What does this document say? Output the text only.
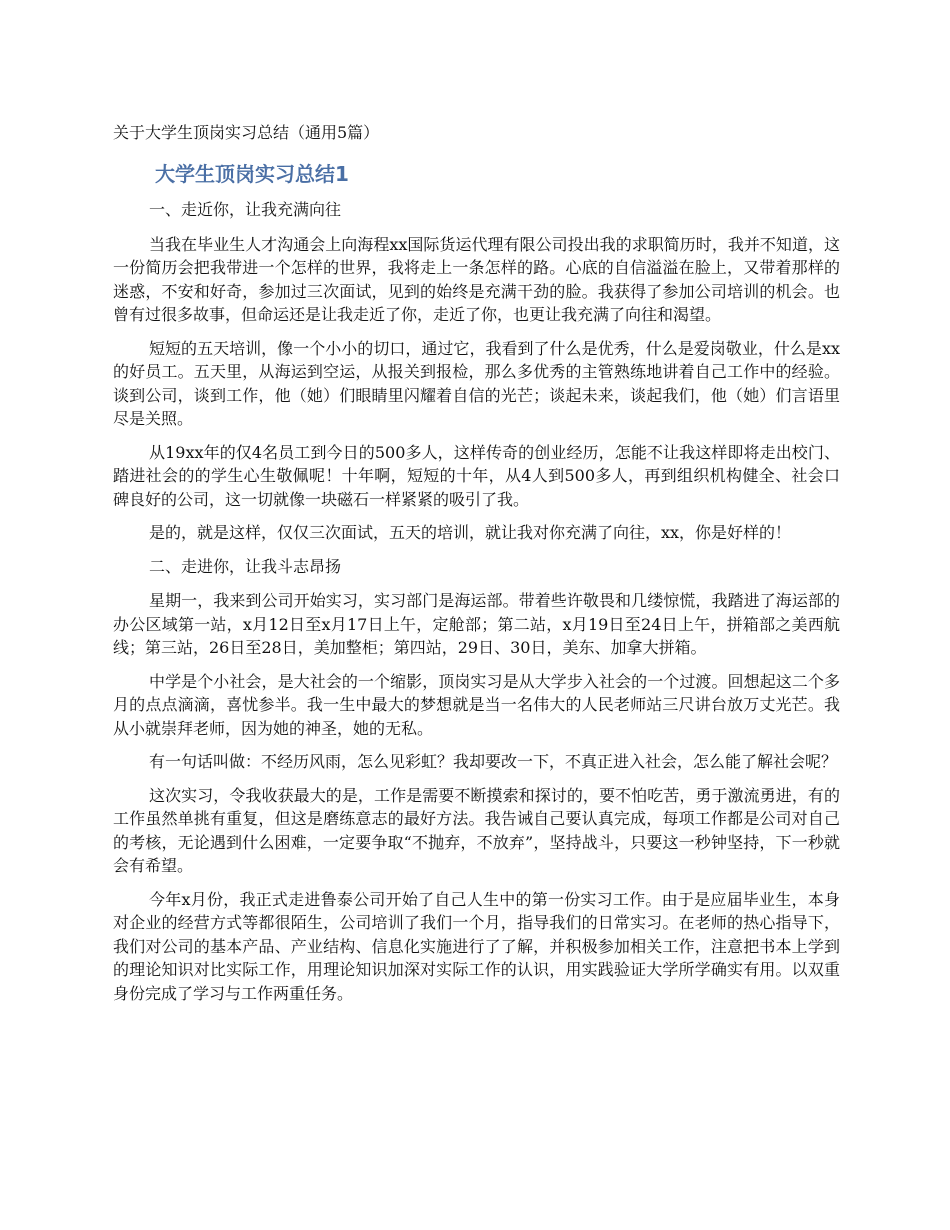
关于大学生顶岗实习总结（通用5篇）
大学生顶岗实习总结1

一、走近你，让我充满向往

当我在毕业生人才沟通会上向海程xx国际货运代理有限公司投出我的求职简历时，我并不知道，这一份简历会把我带进一个怎样的世界，我将走上一条怎样的路。心底的自信溢溢在脸上，又带着那样的迷惑，不安和好奇，参加过三次面试，见到的始终是充满干劲的脸。我获得了参加公司培训的机会。也曾有过很多故事，但命运还是让我走近了你，走近了你，也更让我充满了向往和渴望。

短短的五天培训，像一个小小的切口，通过它，我看到了什么是优秀，什么是爱岗敬业，什么是xx的好员工。五天里，从海运到空运，从报关到报检，那么多优秀的主管熟练地讲着自己工作中的经验。谈到公司，谈到工作，他（她）们眼睛里闪耀着自信的光芒；谈起未来，谈起我们，他（她）们言语里尽是关照。

从19xx年的仅4名员工到今日的500多人，这样传奇的创业经历，怎能不让我这样即将走出校门、踏进社会的的学生心生敬佩呢！十年啊，短短的十年，从4人到500多人，再到组织机构健全、社会口碑良好的公司，这一切就像一块磁石一样紧紧的吸引了我。

是的，就是这样，仅仅三次面试，五天的培训，就让我对你充满了向往，xx，你是好样的！

二、走进你，让我斗志昂扬

星期一，我来到公司开始实习，实习部门是海运部。带着些许敬畏和几缕惊慌，我踏进了海运部的办公区域第一站，x月12日至x月17日上午，定舱部；第二站，x月19日至24日上午，拼箱部之美西航线；第三站，26日至28日，美加整柜；第四站，29日、30日，美东、加拿大拼箱。

中学是个小社会，是大社会的一个缩影，顶岗实习是从大学步入社会的一个过渡。回想起这二个多月的点点滴滴，喜忧参半。我一生中最大的梦想就是当一名伟大的人民老师站三尺讲台放万丈光芒。我从小就崇拜老师，因为她的神圣，她的无私。

有一句话叫做：不经历风雨，怎么见彩虹？我却要改一下，不真正进入社会，怎么能了解社会呢？

这次实习，令我收获最大的是，工作是需要不断摸索和探讨的，要不怕吃苦，勇于激流勇进，有的工作虽然单挑有重复，但这是磨练意志的最好方法。我告诫自己要认真完成，每项工作都是公司对自己的考核，无论遇到什么困难，一定要争取“不抛弃，不放弃”，坚持战斗，只要这一秒钟坚持，下一秒就会有希望。

今年x月份，我正式走进鲁泰公司开始了自己人生中的第一份实习工作。由于是应届毕业生，本身对企业的经营方式等都很陌生，公司培训了我们一个月，指导我们的日常实习。在老师的热心指导下，我们对公司的基本产品、产业结构、信息化实施进行了了解，并积极参加相关工作，注意把书本上学到的理论知识对比实际工作，用理论知识加深对实际工作的认识，用实践验证大学所学确实有用。以双重身份完成了学习与工作两重任务。
